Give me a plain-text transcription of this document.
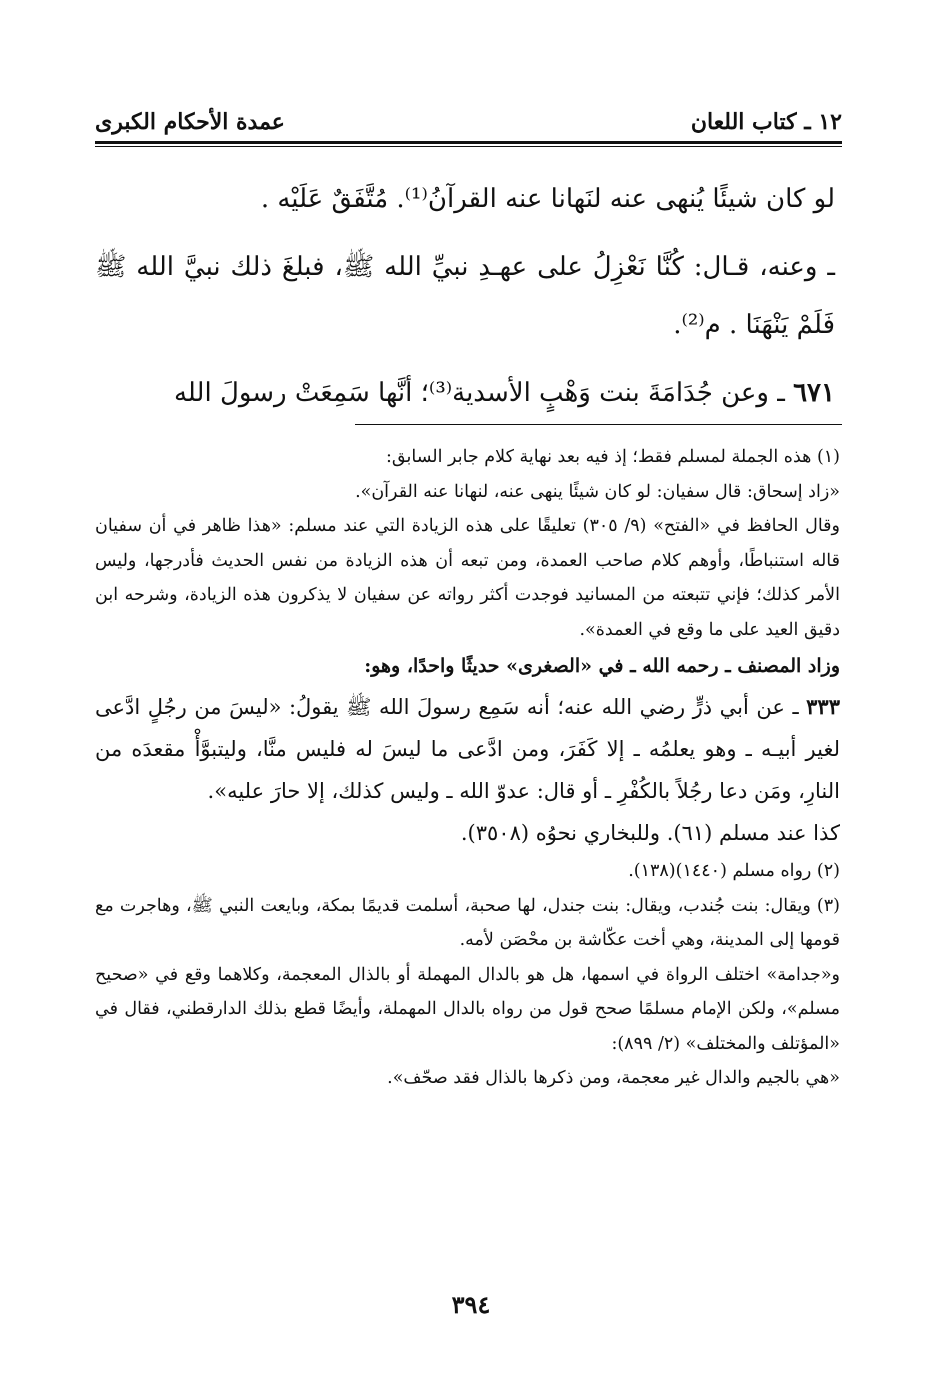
١٢ ـ كتاب اللعان
عمدة الأحكام الكبرى

لو كان شيئًا يُنهى عنه لنَهانا عنه القرآنُ⁽¹⁾. مُتَّفَقٌ عَلَيْه .

ـ وعنه، قـال: كُنَّا نَعْزِلُ على عهـدِ نبيِّ الله ﷺ، فبلغَ ذلك نبيَّ الله ﷺ فَلَمْ يَنْهَنَا . م⁽²⁾.

٦٧١ ـ وعن جُدَامَةَ بنت وَهْبٍ الأسدية⁽³⁾؛ أنَّها سَمِعَتْ رسولَ الله

(١) هذه الجملة لمسلم فقط؛ إذ فيه بعد نهاية كلام جابر السابق:

«زاد إسحاق: قال سفيان: لو كان شيئًا ينهى عنه، لنهانا عنه القرآن».

وقال الحافظ في «الفتح» (٩/ ٣٠٥) تعليقًا على هذه الزيادة التي عند مسلم: «هذا ظاهر في أن سفيان قاله استنباطًا، وأوهم كلام صاحب العمدة، ومن تبعه أن هذه الزيادة من نفس الحديث فأدرجها، وليس الأمر كذلك؛ فإني تتبعته من المسانيد فوجدت أكثر رواته عن سفيان لا يذكرون هذه الزيادة، وشرحه ابن دقيق العيد على ما وقع في العمدة».

وزاد المصنف ـ رحمه الله ـ في «الصغرى» حديثًا واحدًا، وهو:

٣٣٣ ـ عن أبي ذرٍّ رضي الله عنه؛ أنه سَمِع رسولَ الله ﷺ يقولُ: «ليسَ من رجُلٍ ادَّعى لغير أبيـه ـ وهو يعلمُه ـ إلا كَفَرَ، ومن ادَّعى ما ليسَ له فليس منَّا، وليتبوَّأْ مقعدَه من النارِ، ومَن دعا رجُلاً بالكُفْرِ ـ أو قال: عدوّ الله ـ وليس كذلك، إلا حارَ عليه».

كذا عند مسلم (٦١). وللبخاري نحوُه (٣٥٠٨).

(٢) رواه مسلم (١٤٤٠)(١٣٨).

(٣) ويقال: بنت جُندب، ويقال: بنت جندل، لها صحبة، أسلمت قديمًا بمكة، وبايعت النبي ﷺ، وهاجرت مع قومها إلى المدينة، وهي أخت عكّاشة بن محْصَن لأمه.

و«جدامة» اختلف الرواة في اسمها، هل هو بالدال المهملة أو بالذال المعجمة، وكلاهما وقع في «صحيح مسلم»، ولكن الإمام مسلمًا صحح قول من رواه بالدال المهملة، وأيضًا قطع بذلك الدارقطني، فقال في «المؤتلف والمختلف» (٢/ ٨٩٩):

«هي بالجيم والدال غير معجمة، ومن ذكرها بالذال فقد صحّف».

٣٩٤
